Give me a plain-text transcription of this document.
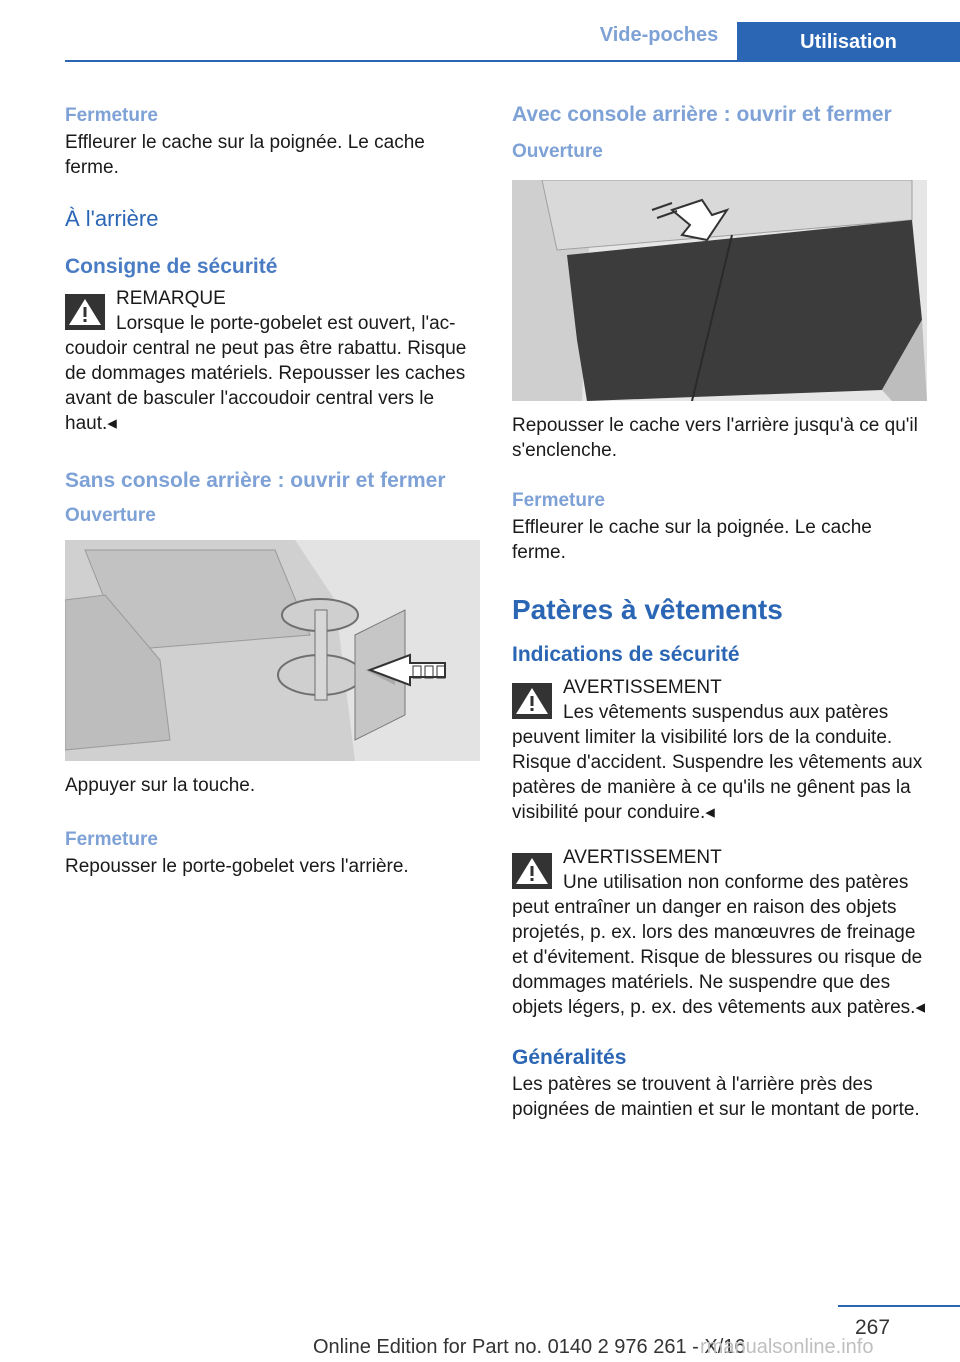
Vide-poches	Utilisation
Fermeture

Effleurer le cache sur la poignée. Le cache ferme.

À l'arrière
Consigne de sécurité
REMARQUE

Lorsque le porte-gobelet est ouvert, l'accoudoir central ne peut pas être rabattu. Risque de dommages matériels. Repousser les caches avant de basculer l'accoudoir central vers le haut.◂

Sans console arrière : ouvrir et fermer
Ouverture

Appuyer sur la touche.

Fermeture

Repousser le porte-gobelet vers l'arrière.

Avec console arrière : ouvrir et fermer
Ouverture

Repousser le cache vers l'arrière jusqu'à ce qu'il s'enclenche.

Fermeture

Effleurer le cache sur la poignée. Le cache ferme.

Patères à vêtements
Indications de sécurité
AVERTISSEMENT

Les vêtements suspendus aux patères peuvent limiter la visibilité lors de la conduite. Risque d'accident. Suspendre les vêtements aux patères de manière à ce qu'ils ne gênent pas la visibilité pour conduire.◂

AVERTISSEMENT

Une utilisation non conforme des patères peut entraîner un danger en raison des objets projetés, p. ex. lors des manœuvres de freinage et d'évitement. Risque de blessures ou risque de dommages matériels. Ne suspendre que des objets légers, p. ex. des vêtements aux patères.◂

Généralités

Les patères se trouvent à l'arrière près des poignées de maintien et sur le montant de porte.

267
Online Edition for Part no. 0140 2 976 261 - X/16
rmanualsonline.info
